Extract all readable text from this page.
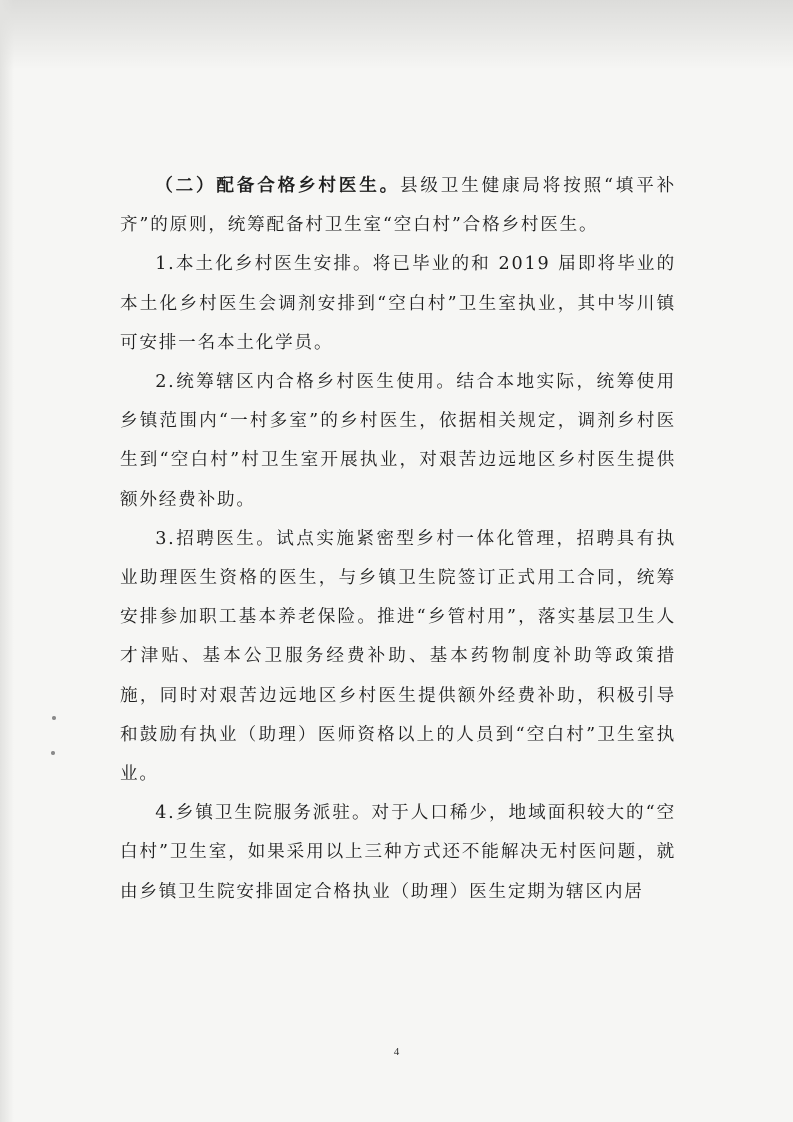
（二）配备合格乡村医生。县级卫生健康局将按照“填平补齐”的原则，统筹配备村卫生室“空白村”合格乡村医生。

1.本土化乡村医生安排。将已毕业的和 2019 届即将毕业的本土化乡村医生会调剂安排到“空白村”卫生室执业，其中岑川镇可安排一名本土化学员。

2.统筹辖区内合格乡村医生使用。结合本地实际，统筹使用乡镇范围内“一村多室”的乡村医生，依据相关规定，调剂乡村医生到“空白村”村卫生室开展执业，对艰苦边远地区乡村医生提供额外经费补助。

3.招聘医生。试点实施紧密型乡村一体化管理，招聘具有执业助理医生资格的医生，与乡镇卫生院签订正式用工合同，统筹安排参加职工基本养老保险。推进“乡管村用”，落实基层卫生人才津贴、基本公卫服务经费补助、基本药物制度补助等政策措施，同时对艰苦边远地区乡村医生提供额外经费补助，积极引导和鼓励有执业（助理）医师资格以上的人员到“空白村”卫生室执业。

4.乡镇卫生院服务派驻。对于人口稀少，地域面积较大的“空白村”卫生室，如果采用以上三种方式还不能解决无村医问题，就由乡镇卫生院安排固定合格执业（助理）医生定期为辖区内居

4
